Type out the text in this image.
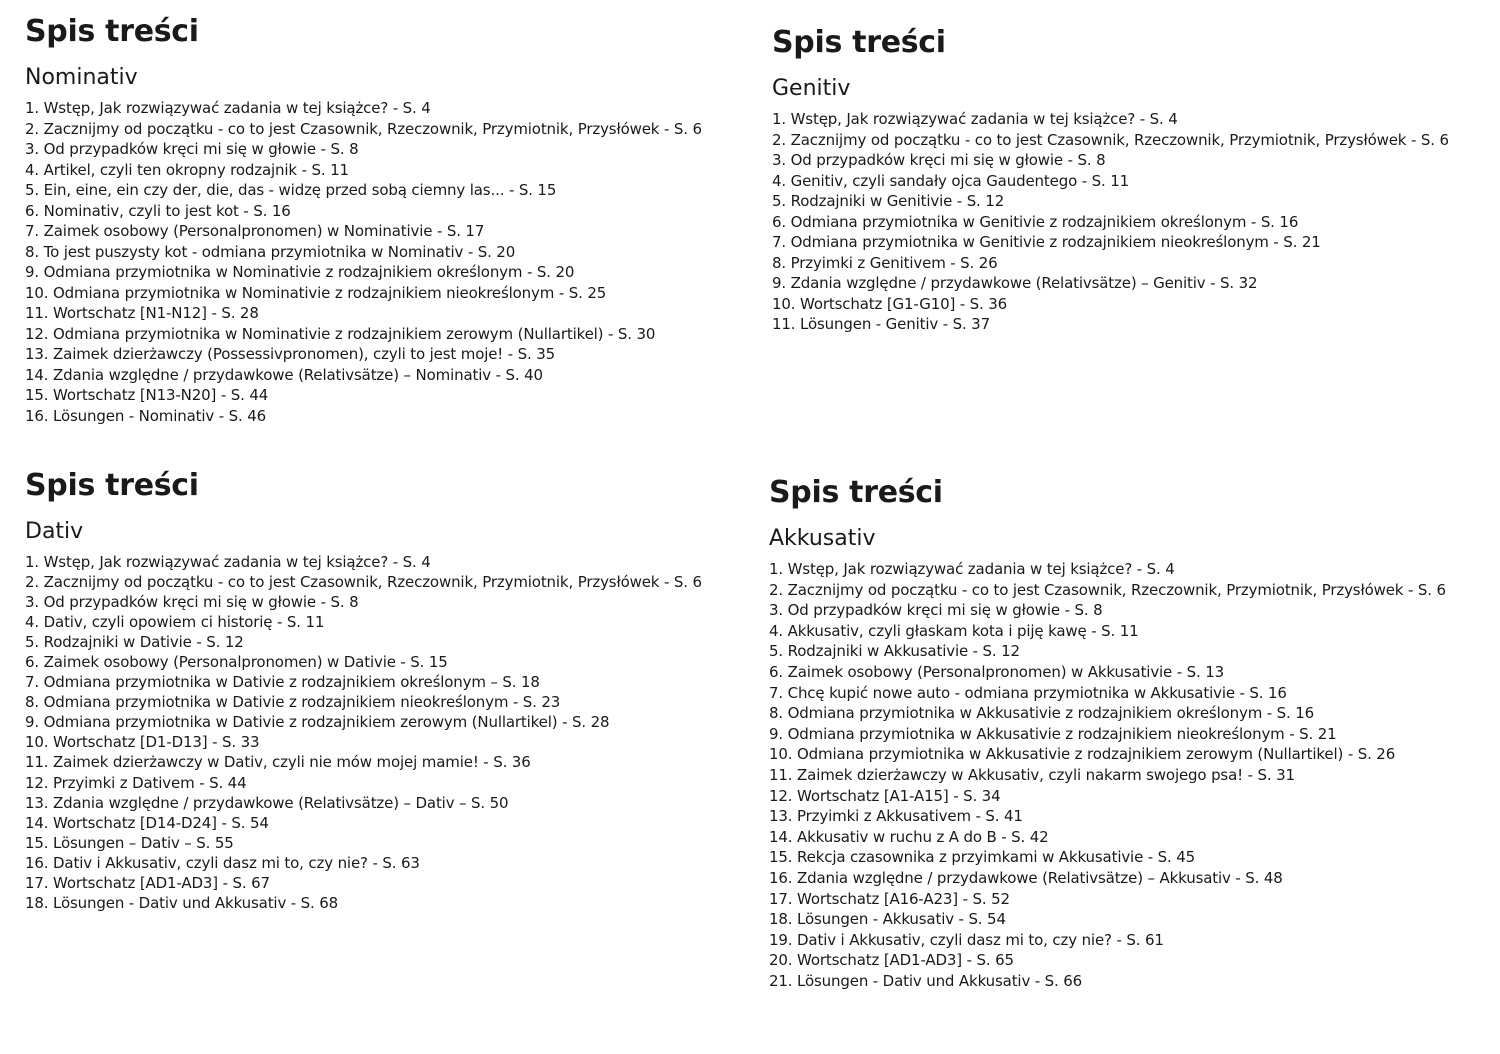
Spis treści
Nominativ
1. Wstęp, Jak rozwiązywać zadania w tej książce? - S. 4
2. Zacznijmy od początku - co to jest Czasownik, Rzeczownik, Przymiotnik, Przysłówek - S. 6
3. Od przypadków kręci mi się w głowie - S. 8
4. Artikel, czyli ten okropny rodzajnik - S. 11
5. Ein, eine, ein czy der, die, das - widzę przed sobą ciemny las... - S. 15
6. Nominativ, czyli to jest kot - S. 16
7. Zaimek osobowy (Personalpronomen) w Nominativie - S. 17
8. To jest puszysty kot - odmiana przymiotnika w Nominativ - S. 20
9. Odmiana przymiotnika w Nominativie z rodzajnikiem określonym - S. 20
10. Odmiana przymiotnika w Nominativie z rodzajnikiem nieokreślonym - S. 25
11. Wortschatz [N1-N12] - S. 28
12. Odmiana przymiotnika w Nominativie z rodzajnikiem zerowym (Nullartikel) - S. 30
13. Zaimek dzierżawczy (Possessivpronomen), czyli to jest moje! - S. 35
14. Zdania względne / przydawkowe (Relativsätze) – Nominativ - S. 40
15. Wortschatz [N13-N20] - S. 44
16. Lösungen - Nominativ - S. 46
Spis treści
Genitiv
1. Wstęp, Jak rozwiązywać zadania w tej książce? - S. 4
2. Zacznijmy od początku - co to jest Czasownik, Rzeczownik, Przymiotnik, Przysłówek - S. 6
3. Od przypadków kręci mi się w głowie - S. 8
4. Genitiv, czyli sandały ojca Gaudentego - S. 11
5. Rodzajniki w Genitivie - S. 12
6. Odmiana przymiotnika w Genitivie z rodzajnikiem określonym - S. 16
7. Odmiana przymiotnika w Genitivie z rodzajnikiem nieokreślonym - S. 21
8. Przyimki z Genitivem - S. 26
9. Zdania względne / przydawkowe (Relativsätze) – Genitiv - S. 32
10. Wortschatz [G1-G10] - S. 36
11. Lösungen - Genitiv - S. 37
Spis treści
Dativ
1. Wstęp, Jak rozwiązywać zadania w tej książce? - S. 4
2. Zacznijmy od początku - co to jest Czasownik, Rzeczownik, Przymiotnik, Przysłówek - S. 6
3. Od przypadków kręci mi się w głowie - S. 8
4. Dativ, czyli opowiem ci historię - S. 11
5. Rodzajniki w Dativie - S. 12
6. Zaimek osobowy (Personalpronomen) w Dativie - S. 15
7. Odmiana przymiotnika w Dativie z rodzajnikiem określonym – S. 18
8. Odmiana przymiotnika w Dativie z rodzajnikiem nieokreślonym - S. 23
9. Odmiana przymiotnika w Dativie z rodzajnikiem zerowym (Nullartikel) - S. 28
10. Wortschatz [D1-D13] - S. 33
11. Zaimek dzierżawczy w Dativ, czyli nie mów mojej mamie! - S. 36
12. Przyimki z Dativem - S. 44
13. Zdania względne / przydawkowe (Relativsätze) – Dativ – S. 50
14. Wortschatz [D14-D24] - S. 54
15. Lösungen – Dativ – S. 55
16. Dativ i Akkusativ, czyli dasz mi to, czy nie? - S. 63
17. Wortschatz [AD1-AD3] - S. 67
18. Lösungen - Dativ und Akkusativ - S. 68
Spis treści
Akkusativ
1. Wstęp, Jak rozwiązywać zadania w tej książce? - S. 4
2. Zacznijmy od początku - co to jest Czasownik, Rzeczownik, Przymiotnik, Przysłówek - S. 6
3. Od przypadków kręci mi się w głowie - S. 8
4. Akkusativ, czyli głaskam kota i piję kawę - S. 11
5. Rodzajniki w Akkusativie - S. 12
6. Zaimek osobowy (Personalpronomen) w Akkusativie - S. 13
7. Chcę kupić nowe auto - odmiana przymiotnika w Akkusativie - S. 16
8. Odmiana przymiotnika w Akkusativie z rodzajnikiem określonym - S. 16
9. Odmiana przymiotnika w Akkusativie z rodzajnikiem nieokreślonym - S. 21
10. Odmiana przymiotnika w Akkusativie z rodzajnikiem zerowym (Nullartikel) - S. 26
11. Zaimek dzierżawczy w Akkusativ, czyli nakarm swojego psa! - S. 31
12. Wortschatz [A1-A15] - S. 34
13. Przyimki z Akkusativem - S. 41
14. Akkusativ w ruchu z A do B - S. 42
15. Rekcja czasownika z przyimkami w Akkusativie - S. 45
16. Zdania względne / przydawkowe (Relativsätze) – Akkusativ - S. 48
17. Wortschatz [A16-A23] - S. 52
18. Lösungen - Akkusativ - S. 54
19. Dativ i Akkusativ, czyli dasz mi to, czy nie? - S. 61
20. Wortschatz [AD1-AD3] - S. 65
21. Lösungen - Dativ und Akkusativ - S. 66
